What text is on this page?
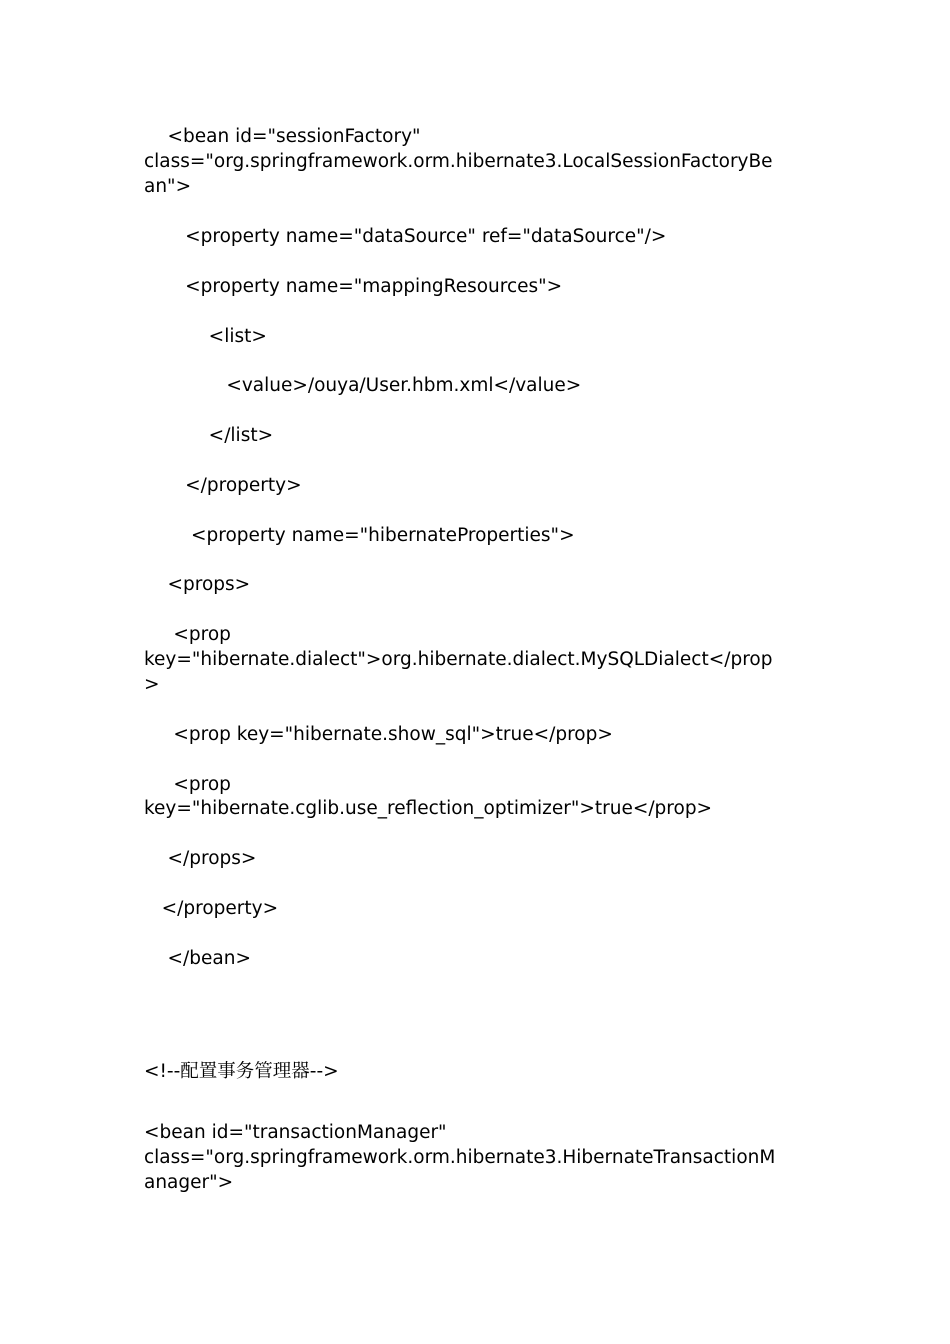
<bean id="sessionFactory"

class="org.springframework.orm.hibernate3.LocalSessionFactoryBe

an">

<property name="dataSource" ref="dataSource"/>

<property name="mappingResources">

<list>

<value>/ouya/User.hbm.xml</value>

</list>

</property>

<property name="hibernateProperties">

<props>

<prop

key="hibernate.dialect">org.hibernate.dialect.MySQLDialect</prop

>

<prop key="hibernate.show_sql">true</prop>

<prop

key="hibernate.cglib.use_reflection_optimizer">true</prop>

</props>

</property>

</bean>

<!--配置事务管理器-->

<bean id="transactionManager"

class="org.springframework.orm.hibernate3.HibernateTransactionM

anager">
